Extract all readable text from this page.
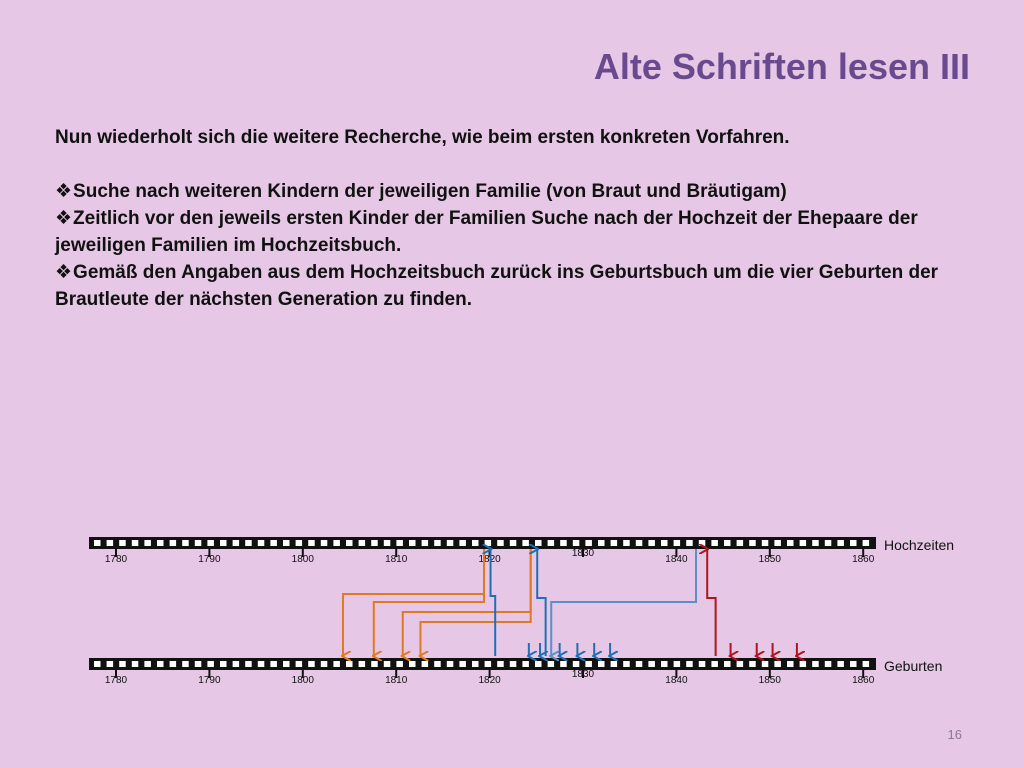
Alte Schriften lesen III

Nun wiederholt sich die weitere Recherche, wie beim ersten konkreten Vorfahren.

❖Suche nach weiteren Kindern der jeweiligen Familie (von Braut und Bräutigam)

❖Zeitlich vor den jeweils ersten Kinder der Familien Suche nach der Hochzeit der Ehepaare der jeweiligen Familien im Hochzeitsbuch.

❖Gemäß den Angaben aus dem Hochzeitsbuch zurück ins Geburtsbuch um die vier Geburten der Brautleute der nächsten Generation zu finden.

1780	1790	1800	1810	1820
1830
1840	1850	1860
1780	1790	1800	1810	1820
1830
1840	1850	1860
Hochzeiten
Geburten
16
